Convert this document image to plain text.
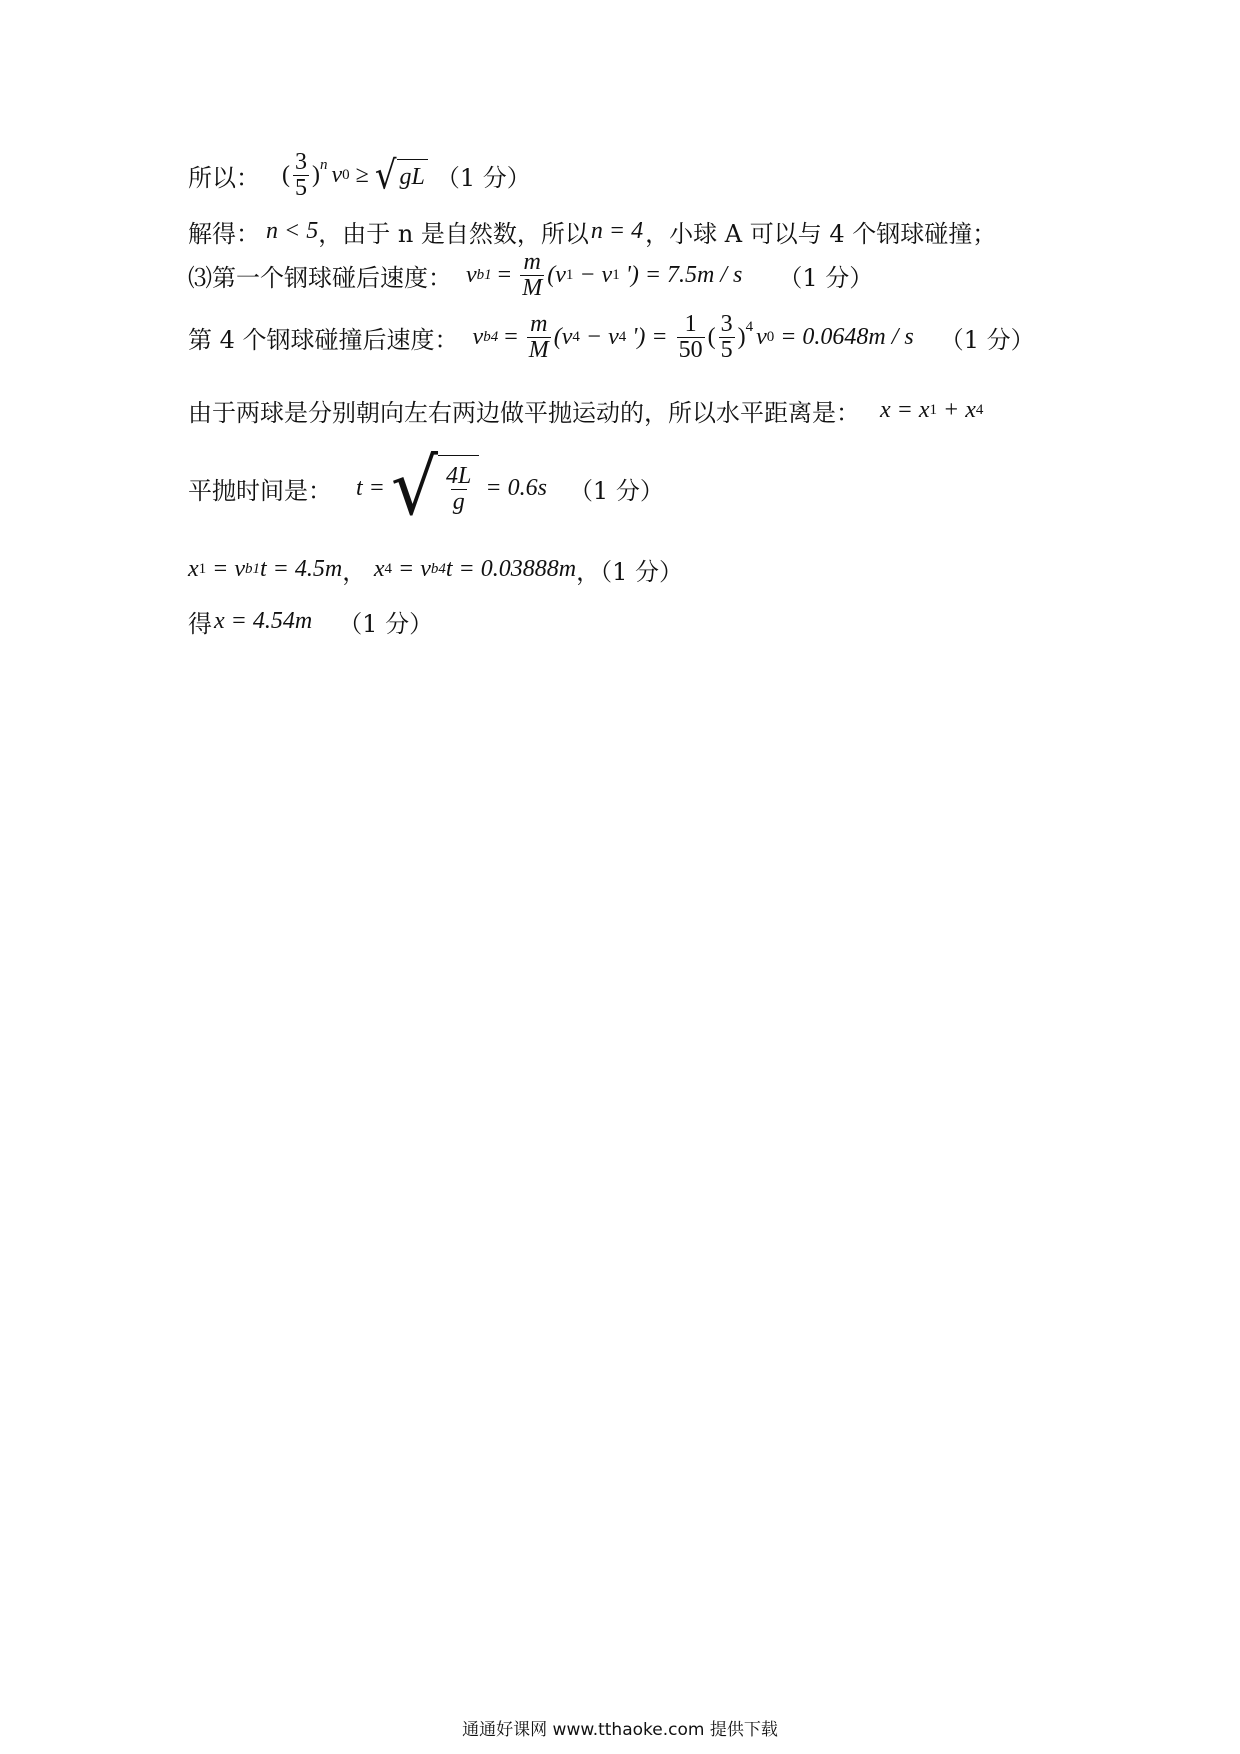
所以： ( $\frac{3}{5} )^n$ v 0 ≥ √ gL （1 分）
解得： n < 5 ，由于 n 是自然数，所以 n = 4 ，小球 A 可以与 4 个钢球碰撞；
⑶第一个钢球碰后速度： v $b1 = \frac{m}{M} (v$ 1 − v 1 ') = 7.5m / s （1 分）
第 4 个钢球碰撞后速度： v $b4 = \frac{m}{M} (v$ 4 − v 4 ') = $\frac{1}{50}$ ( $\frac{3}{5} )^4$ v 0 = 0.0648m / s （1 分）
由于两球是分别朝向左右两边做平抛运动的，所以水平距离是： x = x 1 + x 4
平抛时间是： t = √ $\frac{4L}{g} = 0.6s$ （1 分）
x 1 = v b1 t = 4.5m ， x 4 = v b4 t = 0.03888m ，（1 分）
得 x = 4.54m （1 分）
通通好课网 www.tthaoke.com 提供下载
